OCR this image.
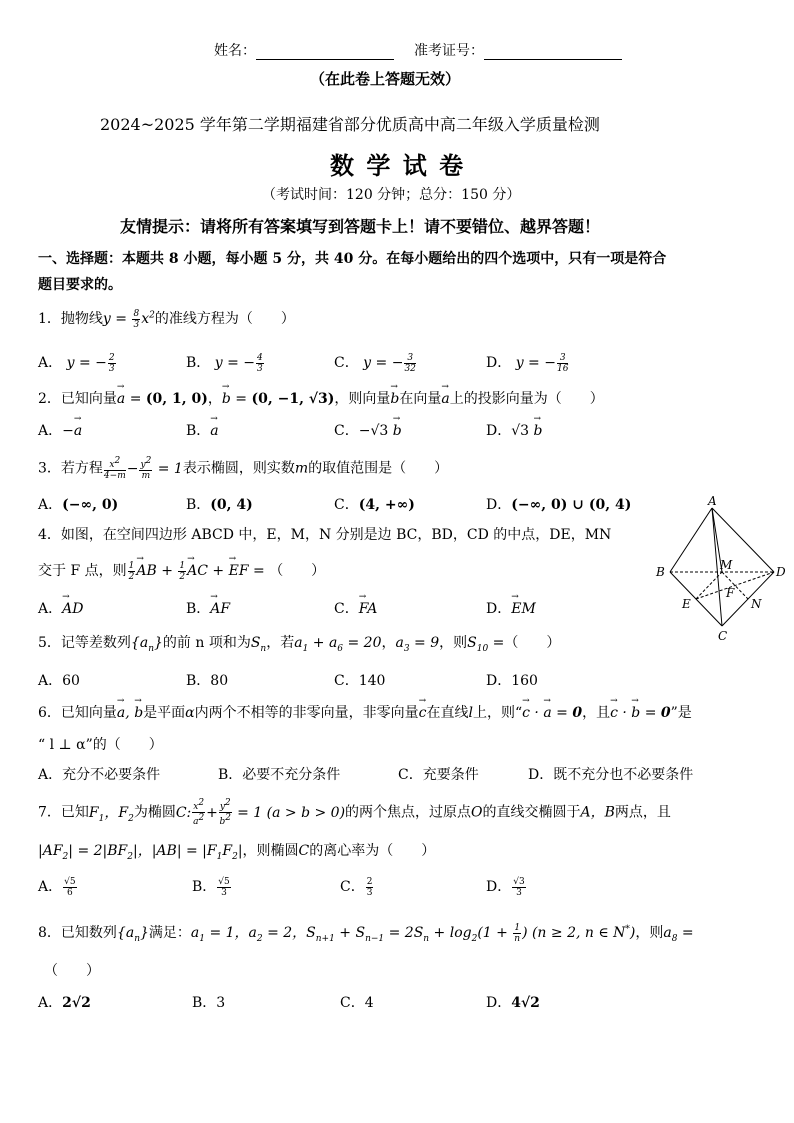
姓名：	准考证号：
（在此卷上答题无效）
2024~2025 学年第二学期福建省部分优质高中高二年级入学质量检测
数 学 试 卷
（考试时间：120 分钟；总分：150 分）
友情提示：请将所有答案填写到答题卡上！请不要错位、越界答题！
一、选择题：本题共 8 小题，每小题 5 分，共 40 分。在每小题给出的四个选项中，只有一项是符合
题目要求的。
1．抛物线$y = \frac{8}{3} x^2$的准线方程为（　　）
A． y = − $\frac{2}{3}$	B． y = − $\frac{4}{3}$	C． y = − $\frac{3}{32}$	D． y = − $\frac{3}{16}$
2．已知向量→ a = (0, 1, 0)，→ b = (0, −1, √3)，则向量→ b在向量→ a上的投影向量为（　　）
A．−→ a	B．→ a	C．−√3 → b	D．√3 → b
3．若方程 $\frac{x^2}{4-m} - \frac{y^2}{m} = 1$表示椭圆，则实数m的取值范围是（　　）
A．(−∞, 0)	B．(0, 4)	C．(4, +∞)	D．(−∞, 0) ∪ (0, 4)
4．如图，在空间四边形 ABCD 中，E，M，N 分别是边 BC，BD，CD 的中点，DE，MN
交于 F 点，则 $\frac{1}{2}$ → AB + $\frac{1}{2}$ → AC + → EF = （　　）
A．→ AD	B．→ AF	C．→ FA	D．→ EM
A
B
C
D
M
E
F
N
5．记等差数列$\{a_n\}$的前 n 项和为$S_n$，若$a_1 + a_6 = 20$，$a_3 = 9$，则$S_{10}$ =（　　）
A．60	B．80	C．140	D．160
6．已知向量→ a, → b是平面α内两个不相等的非零向量，非零向量→ c在直线l上，则“→ c · → a = 0，且→ c · → b = 0”是
“ l ⊥ α”的（　　）
A．充分不必要条件	B．必要不充分条件	C．充要条件	D．既不充分也不必要条件
7．已知$F_1$，$F_2$为椭圆C: $\frac{x^2}{a^2} + \frac{y^2}{b^2} = 1$ (a > b > 0)的两个焦点，过原点O的直线交椭圆于A，B两点，且
$|AF_2| = 2|BF_2|$，$|AB| = |F_1F_2|$，则椭圆C的离心率为（　　）
A． $\frac{√5}{6}$	B． $\frac{√5}{3}$	C． $\frac{2}{3}$	D． $\frac{√3}{3}$
8．已知数列$\{a_n\}$满足：$a_1 = 1$，$a_2 = 2$，$S_{n+1} + S_{n-1} = 2S_n + \log_2(1 + \frac{1}{n}$ ) (n ≥ 2, n ∈ N*)，则$a_8$ =
（　　）
A．2√2	B．3	C．4	D．4√2
